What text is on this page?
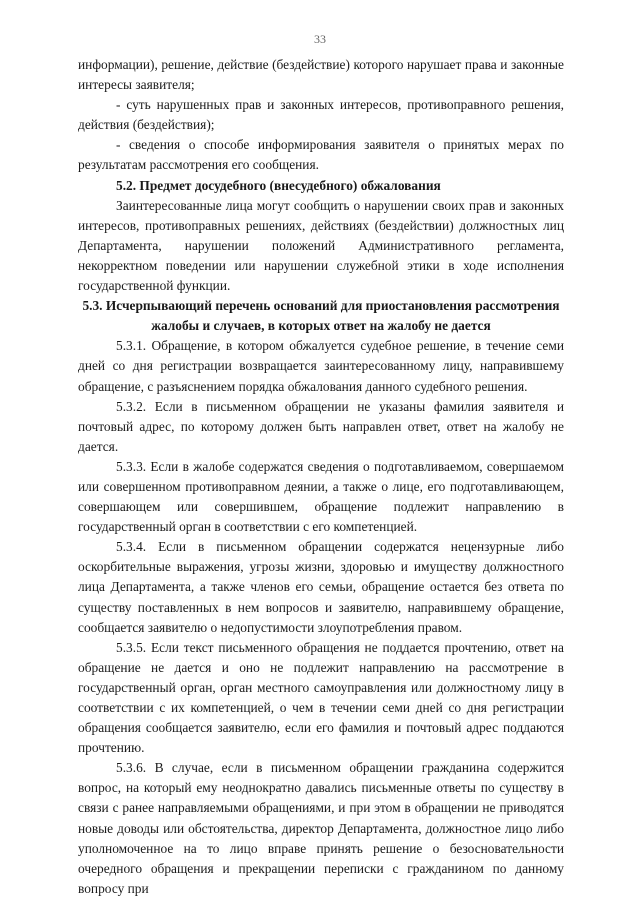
33

информации), решение, действие (бездействие) которого нарушает права и законные интересы заявителя;

- суть нарушенных прав и законных интересов, противоправного решения, действия (бездействия);

- сведения о способе информирования заявителя о принятых мерах по результатам рассмотрения его сообщения.

5.2. Предмет досудебного (внесудебного) обжалования

Заинтересованные лица могут сообщить о нарушении своих прав и законных интересов, противоправных решениях, действиях (бездействии) должностных лиц Департамента, нарушении положений Административного регламента, некорректном поведении или нарушении служебной этики в ходе исполнения государственной функции.

5.3. Исчерпывающий перечень оснований для приостановления рассмотрения жалобы и случаев, в которых ответ на жалобу не дается

5.3.1. Обращение, в котором обжалуется судебное решение, в течение семи дней со дня регистрации возвращается заинтересованному лицу, направившему обращение, с разъяснением порядка обжалования данного судебного решения.

5.3.2. Если в письменном обращении не указаны фамилия заявителя и почтовый адрес, по которому должен быть направлен ответ, ответ на жалобу не дается.

5.3.3. Если в жалобе содержатся сведения о подготавливаемом, совершаемом или совершенном противоправном деянии, а также о лице, его подготавливающем, совершающем или совершившем, обращение подлежит направлению в государственный орган в соответствии с его компетенцией.

5.3.4. Если в письменном обращении содержатся нецензурные либо оскорбительные выражения, угрозы жизни, здоровью и имуществу должностного лица Департамента, а также членов его семьи, обращение остается без ответа по существу поставленных в нем вопросов и заявителю, направившему обращение, сообщается заявителю о недопустимости злоупотребления правом.

5.3.5. Если текст письменного обращения не поддается прочтению, ответ на обращение не дается и оно не подлежит направлению на рассмотрение в государственный орган, орган местного самоуправления или должностному лицу в соответствии с их компетенцией, о чем в течении семи дней со дня регистрации обращения сообщается заявителю, если его фамилия и почтовый адрес поддаются прочтению.

5.3.6. В случае, если в письменном обращении гражданина содержится вопрос, на который ему неоднократно давались письменные ответы по существу в связи с ранее направляемыми обращениями, и при этом в обращении не приводятся новые доводы или обстоятельства, директор Департамента, должностное лицо либо уполномоченное на то лицо вправе принять решение о безосновательности очередного обращения и прекращении переписки с гражданином по данному вопросу при
